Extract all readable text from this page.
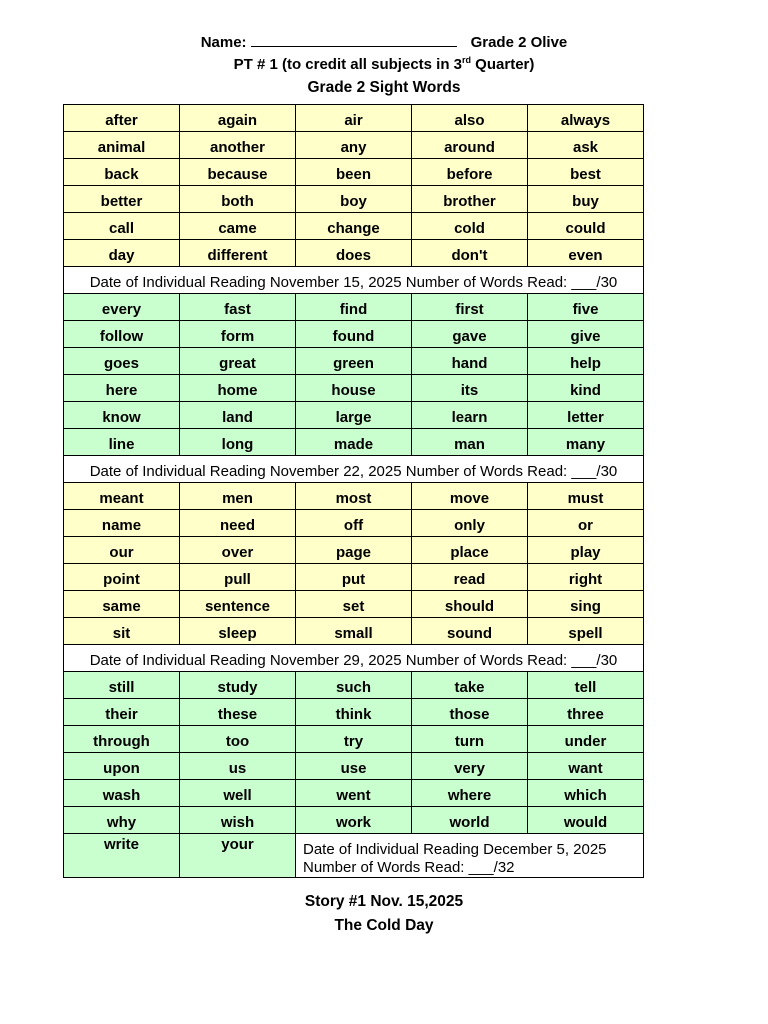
Name:	Grade 2 Olive
PT # 1 (to credit all subjects in 3rd Quarter)
Grade 2 Sight Words
after	again	air	also	always
animal	another	any	around	ask
back	because	been	before	best
better	both	boy	brother	buy
call	came	change	cold	could
day	different	does	don't	even
Date of Individual Reading November 15, 2025 Number of Words Read: ___/30				
every	fast	find	first	five
follow	form	found	gave	give
goes	great	green	hand	help
here	home	house	its	kind
know	land	large	learn	letter
line	long	made	man	many
Date of Individual Reading November 22, 2025 Number of Words Read: ___/30				
meant	men	most	move	must
name	need	off	only	or
our	over	page	place	play
point	pull	put	read	right
same	sentence	set	should	sing
sit	sleep	small	sound	spell
Date of Individual Reading November 29, 2025 Number of Words Read: ___/30				
still	study	such	take	tell
their	these	think	those	three
through	too	try	turn	under
upon	us	use	very	want
wash	well	went	where	which
why	wish	work	world	would
write	your	Date of Individual Reading December 5, 2025
Number of Words Read: ___/32		
Story #1 Nov. 15,2025
The Cold Day
